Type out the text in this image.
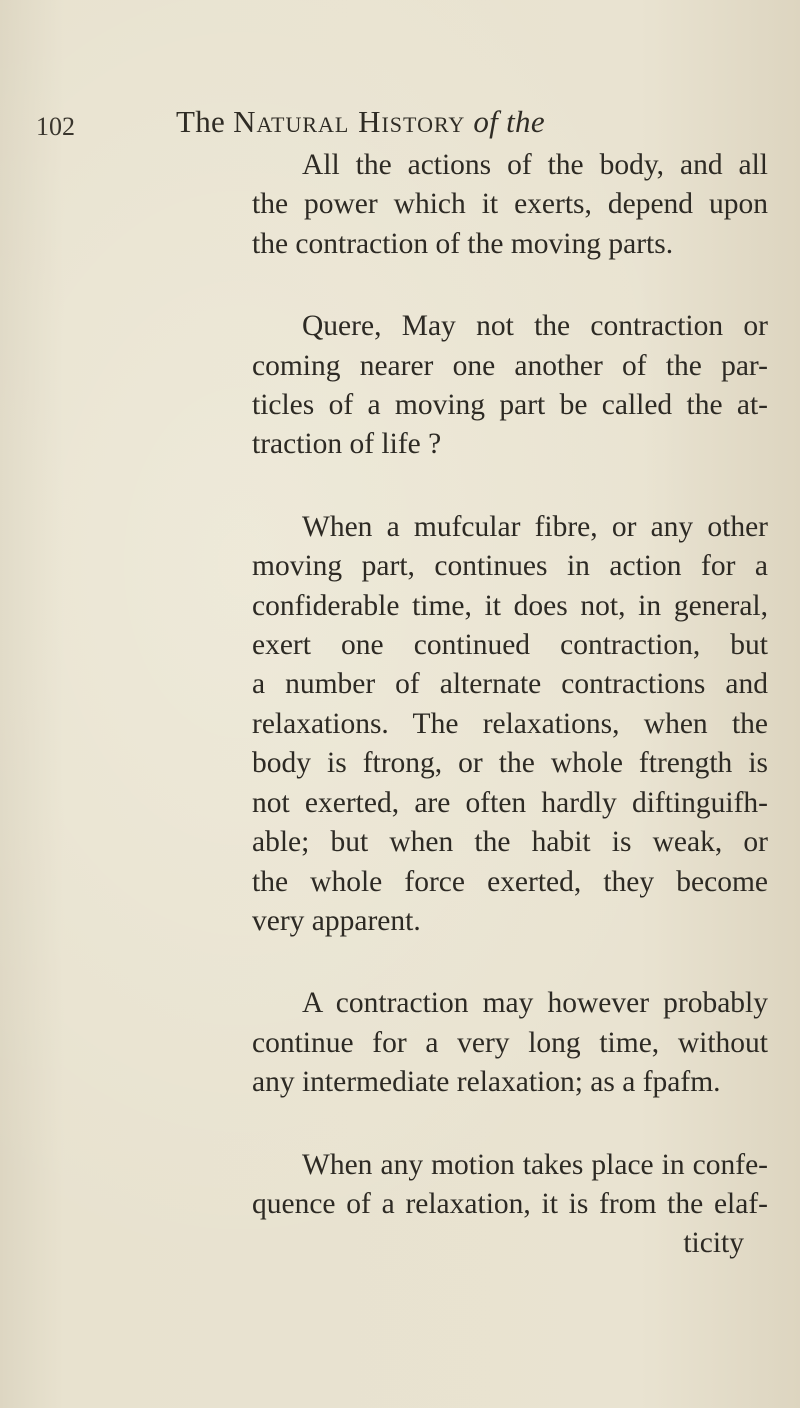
102	The Natural History of the
All the actions of the body, and all
the power which it exerts, depend upon
the contraction of the moving parts.
Quere, May not the contraction or
coming nearer one another of the par-
ticles of a moving part be called the at-
traction of life ?
When a mufcular fibre, or any other
moving part, continues in action for a
confiderable time, it does not, in general,
exert one continued contraction, but
a number of alternate contractions and
relaxations. The relaxations, when the
body is ftrong, or the whole ftrength is
not exerted, are often hardly diftinguifh-
able; but when the habit is weak, or
the whole force exerted, they become
very apparent.
A contraction may however probably
continue for a very long time, without
any intermediate relaxation; as a fpafm.
When any motion takes place in confe-
quence of a relaxation, it is from the elaf-
ticity
